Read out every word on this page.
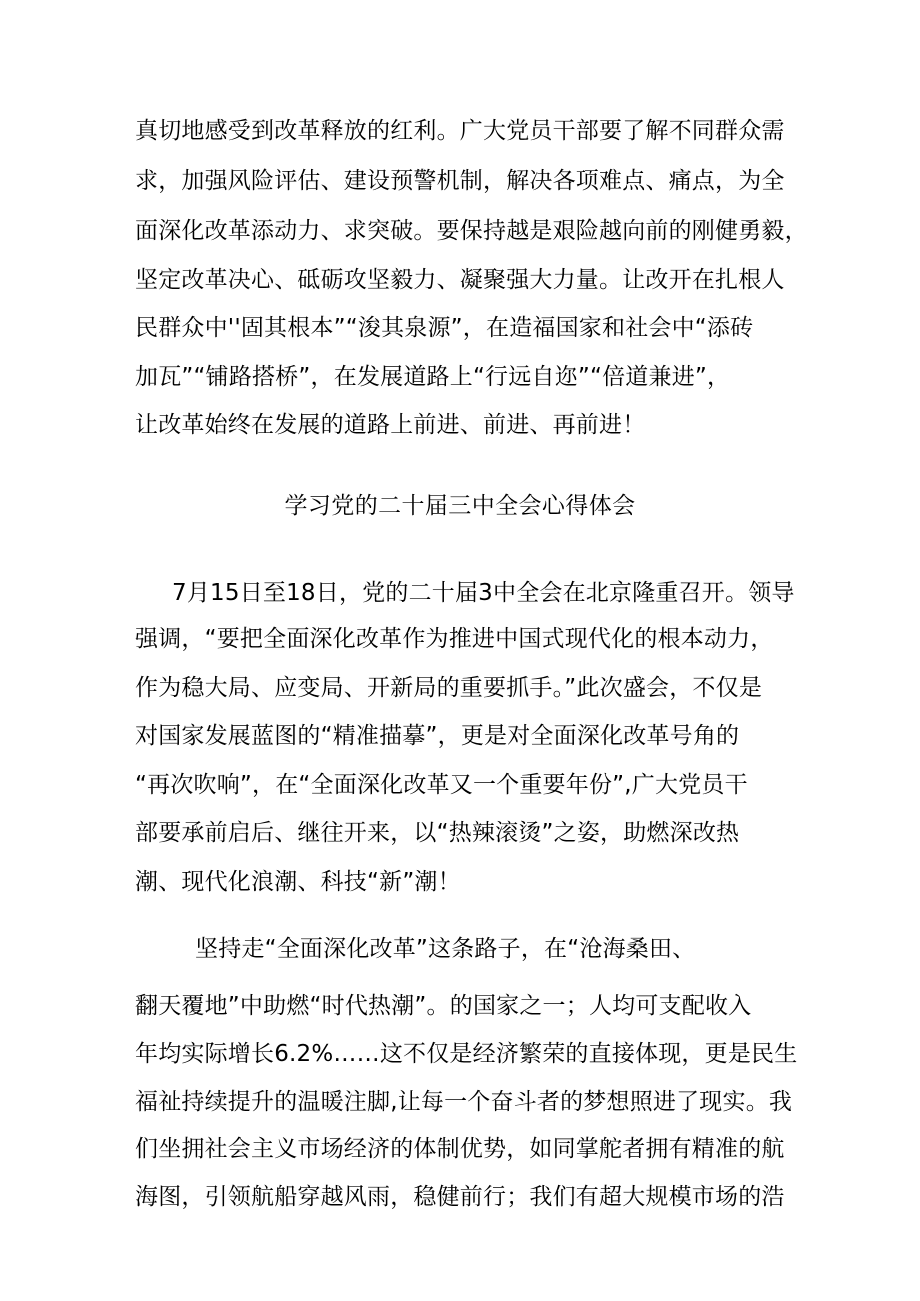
真切地感受到改革释放的红利。广大党员干部要了解不同群众需
求，加强风险评估、建设预警机制，解决各项难点、痛点，为全
面深化改革添动力、求突破。要保持越是艰险越向前的刚健勇毅，
坚定改革决心、砥砺攻坚毅力、凝聚强大力量。让改开在扎根人
民群众中''固其根本”“浚其泉源”，在造福国家和社会中“添砖
加瓦”“铺路搭桥”，在发展道路上“行远自迩”“倍道兼进”，
让改革始终在发展的道路上前进、前进、再前进！
学习党的二十届三中全会心得体会
7月15日至18日，党的二十届3中全会在北京隆重召开。领导
强调，“要把全面深化改革作为推进中国式现代化的根本动力，
作为稳大局、应变局、开新局的重要抓手。”此次盛会，不仅是
对国家发展蓝图的“精准描摹”，更是对全面深化改革号角的
“再次吹响”，在“全面深化改革又一个重要年份”,广大党员干
部要承前启后、继往开来，以“热辣滚烫”之姿，助燃深改热
潮、现代化浪潮、科技“新”潮！
坚持走“全面深化改革”这条路子，在“沧海桑田、
翻天覆地”中助燃“时代热潮”。的国家之一；人均可支配收入
年均实际增长6.2%……这不仅是经济繁荣的直接体现，更是民生
福祉持续提升的温暖注脚,让每一个奋斗者的梦想照进了现实。我
们坐拥社会主义市场经济的体制优势，如同掌舵者拥有精准的航
海图，引领航船穿越风雨，稳健前行；我们有超大规模市场的浩
